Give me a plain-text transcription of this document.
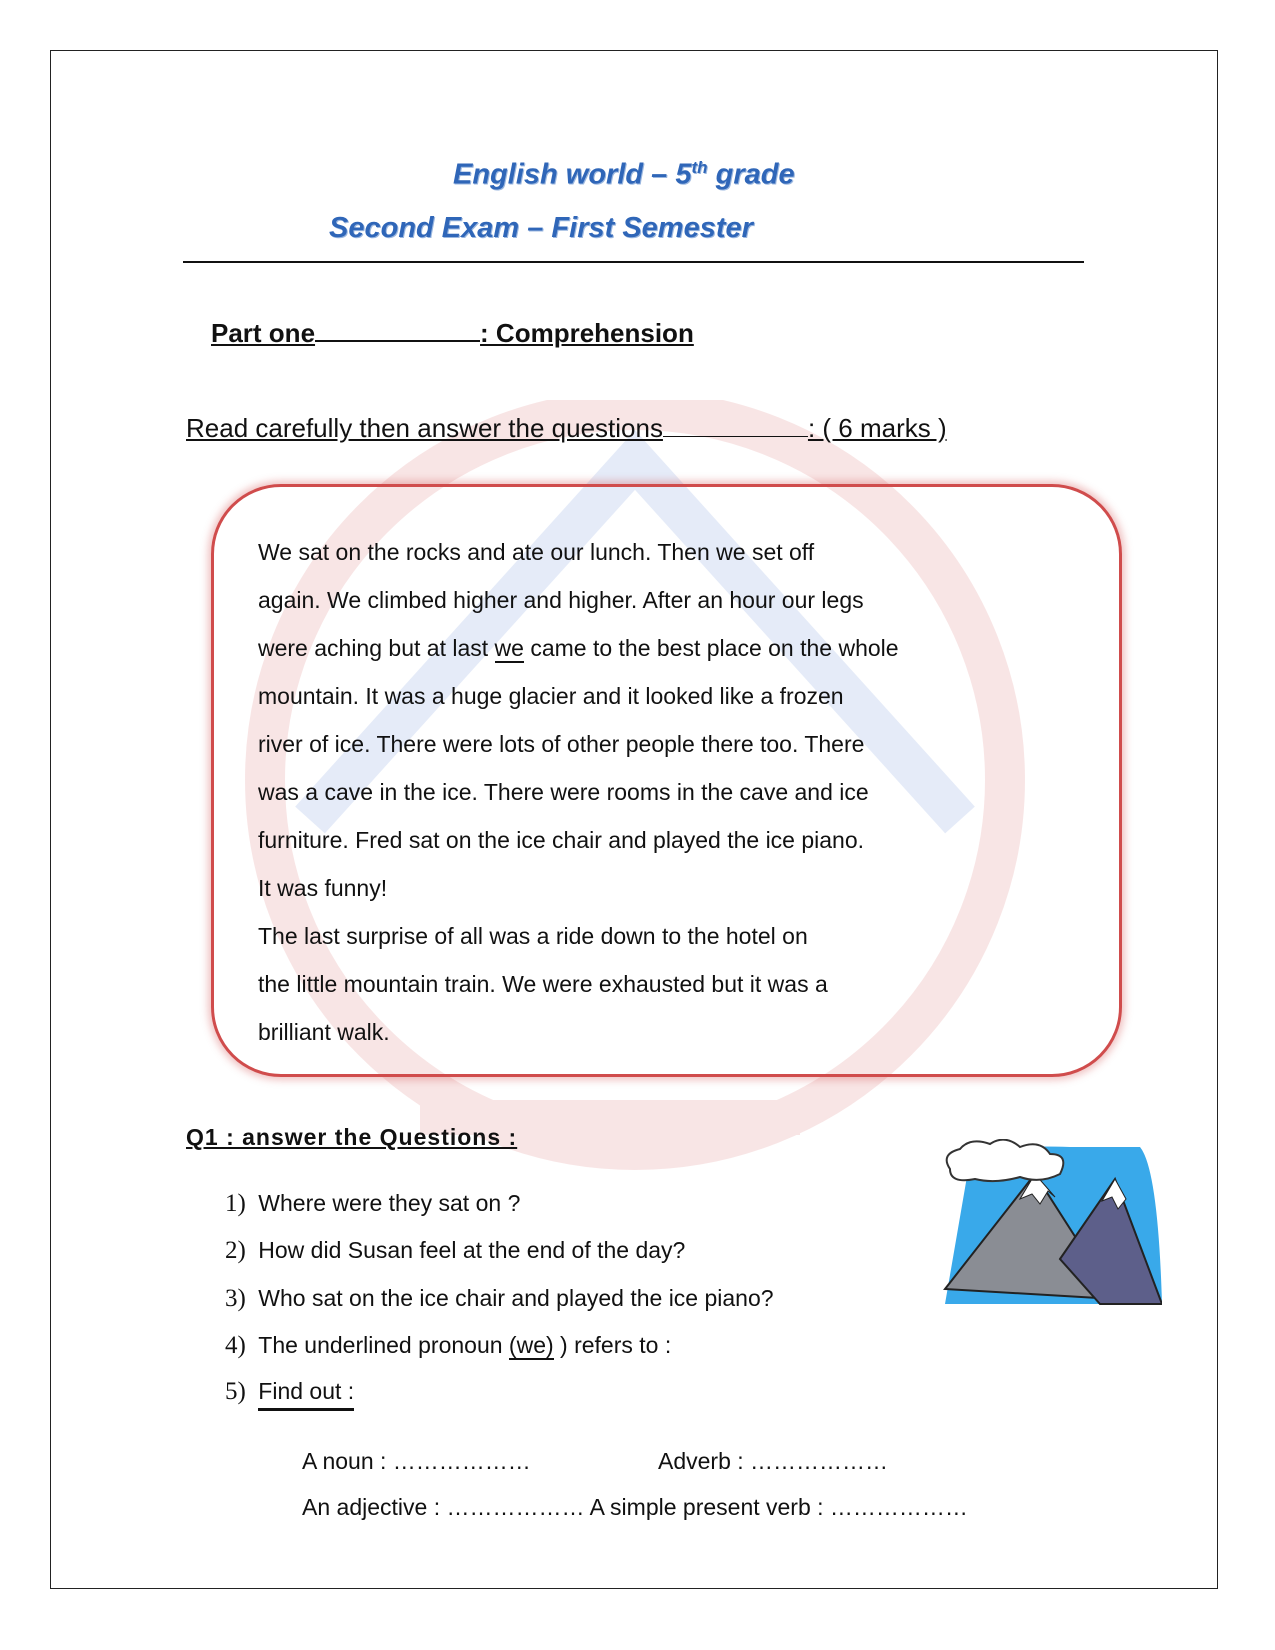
English world – 5th grade
Second Exam – First Semester
Part one	: Comprehension
Read carefully then answer the questions	: ( 6 marks )
We sat on the rocks and ate our lunch. Then we set off
again. We climbed higher and higher. After an hour our legs
were aching but at last we came to the best place on the whole
mountain. It was a huge glacier and it looked like a frozen
river of ice. There were lots of other people there too. There
was a cave in the ice. There were rooms in the cave and ice
furniture. Fred sat on the ice chair and played the ice piano.
It was funny!
The last surprise of all was a ride down to the hotel on
the little mountain train. We were exhausted but it was a
brilliant walk.
Q1 : answer the Questions :
1) Where were they sat on ?
2) How did Susan feel at the end of the day?
3) Who sat on the ice chair and played the ice piano?
4) The underlined pronoun (we) ) refers to :
5) Find out :
A noun : ………………	Adverb : ………………
An adjective : ……………… A simple present verb : ………………
